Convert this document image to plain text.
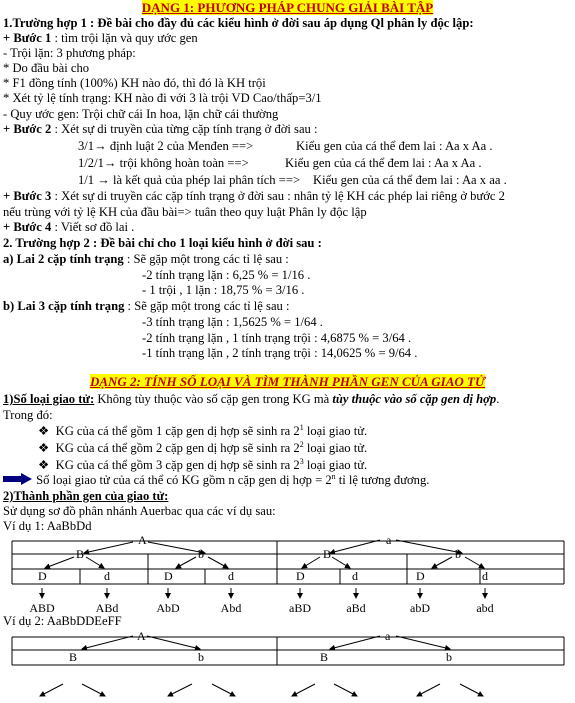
DẠNG 1: PHƯƠNG PHÁP CHUNG GIẢI BÀI TẬP
1.Trường hợp 1 : Đề bài cho đầy đủ các kiểu hình ở đời sau áp dụng Ql phân ly độc lập:
+ Bước 1 : tìm trội lặn và quy ước gen
- Trội lặn: 3 phương pháp:
* Do đầu bài cho
* F1 đồng tính (100%) KH nào đó, thì đó là KH trội
* Xét tỷ lệ tính trạng: KH nào đi với 3 là trội VD Cao/thấp=3/1
- Quy ước gen: Trội chữ cái In hoa, lặn chữ cái thường
+ Bước 2 : Xét sự di truyền của từng cặp tính trạng ở đời sau :
3/1→ định luật 2 của Menđen ==>	Kiểu gen của cá thể đem lai : Aa x Aa .
1/2/1→ trội không hoàn toàn ==>	Kiểu gen của cá thể đem lai : Aa x Aa .
1/1 → là kết quả của phép lai phân tích ==> Kiểu gen của cá thể đem lai : Aa x aa .
+ Bước 3 : Xét sự di truyền các cặp tính trạng ở đời sau : nhân tỷ lệ KH các phép lai riêng ở bước 2
nếu trùng với tỷ lệ KH của đầu bài=> tuân theo quy luật Phân ly độc lập
+ Bước 4 : Viết sơ đồ lai .
2. Trường hợp 2 : Đề bài chỉ cho 1 loại kiểu hình ở đời sau :
a) Lai 2 cặp tính trạng : Sẽ gặp một trong các tỉ lệ sau :
-2 tính trạng lặn : 6,25 % = 1/16 .
- 1 trội , 1 lặn : 18,75 % = 3/16 .
b) Lai 3 cặp tính trạng : Sẽ gặp một trong các tỉ lệ sau :
-3 tính trạng lặn : 1,5625 % = 1/64 .
-2 tính trạng lặn , 1 tính trạng trội : 4,6875 % = 3/64 .
-1 tính trạng lặn , 2 tính trạng trội : 14,0625 % = 9/64 .
DẠNG 2: TÍNH SỐ LOẠI VÀ TÌM THÀNH PHẦN GEN CỦA GIAO TỬ
1)Số loại giao tử: Không tùy thuộc vào số cặp gen trong KG mà tùy thuộc vào số cặp gen dị hợp.
Trong đó:
❖ KG của cá thể gồm 1 cặp gen dị hợp sẽ sinh ra $2^1$ loại giao tử.
❖ KG của cá thể gồm 2 cặp gen dị hợp sẽ sinh ra $2^2$ loại giao tử.
❖ KG của cá thể gồm 3 cặp gen dị hợp sẽ sinh ra $2^3$ loại giao tử.
Số loại giao tử của cá thể có KG gồm n cặp gen dị hợp = $2^n$ tỉ lệ tương đương.
2)Thành phần gen của giao tử:
Sử dụng sơ đồ phân nhánh Auerbac qua các ví dụ sau:
Ví dụ 1: AaBbDd
A
B	b
D	d	D	d
a
B	b
D	d	D	d
ABD	ABd	AbD	Abd	aBD	aBd	abD	abd
Ví dụ 2: AaBbDDEeFF
A
B	b
a
B	b
